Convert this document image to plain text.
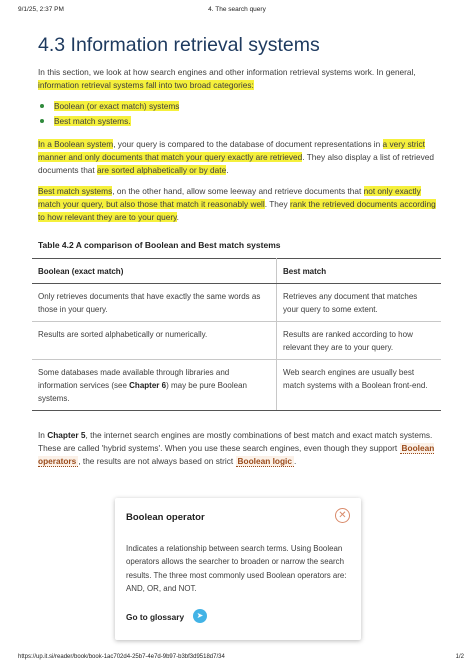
9/1/25, 2:37 PM	4. The search query
4.3 Information retrieval systems

In this section, we look at how search engines and other information retrieval systems work. In general, information retrieval systems fall into two broad categories:

Boolean (or exact match) systems
Best match systems.

In a Boolean system, your query is compared to the database of document representations in a very strict manner and only documents that match your query exactly are retrieved. They also display a list of retrieved documents that are sorted alphabetically or by date.

Best match systems, on the other hand, allow some leeway and retrieve documents that not only exactly match your query, but also those that match it reasonably well. They rank the retrieved documents according to how relevant they are to your query.

Table 4.2 A comparison of Boolean and Best match systems
Boolean (exact match)	Best match
Only retrieves documents that have exactly the same words as those in your query.	Retrieves any document that matches your query to some extent.
Results are sorted alphabetically or numerically.	Results are ranked according to how relevant they are to your query.
Some databases made available through libraries and information services (see Chapter 6) may be pure Boolean systems.	Web search engines are usually best match systems with a Boolean front-end.

In Chapter 5, the internet search engines are mostly combinations of best match and exact match systems. These are called 'hybrid systems'. When you use these search engines, even though they support Boolean operators , the results are not always based on strict Boolean logic .

Boolean operator	✕
Indicates a relationship between search terms. Using Boolean operators allows the searcher to broaden or narrow the search results. The three most commonly used Boolean operators are: AND, OR, and NOT.
Go to glossary	➤
https://up.it.si/reader/book/book-1ac702d4-25b7-4e7d-9b97-b3bf3d9518d7/34	1/2
